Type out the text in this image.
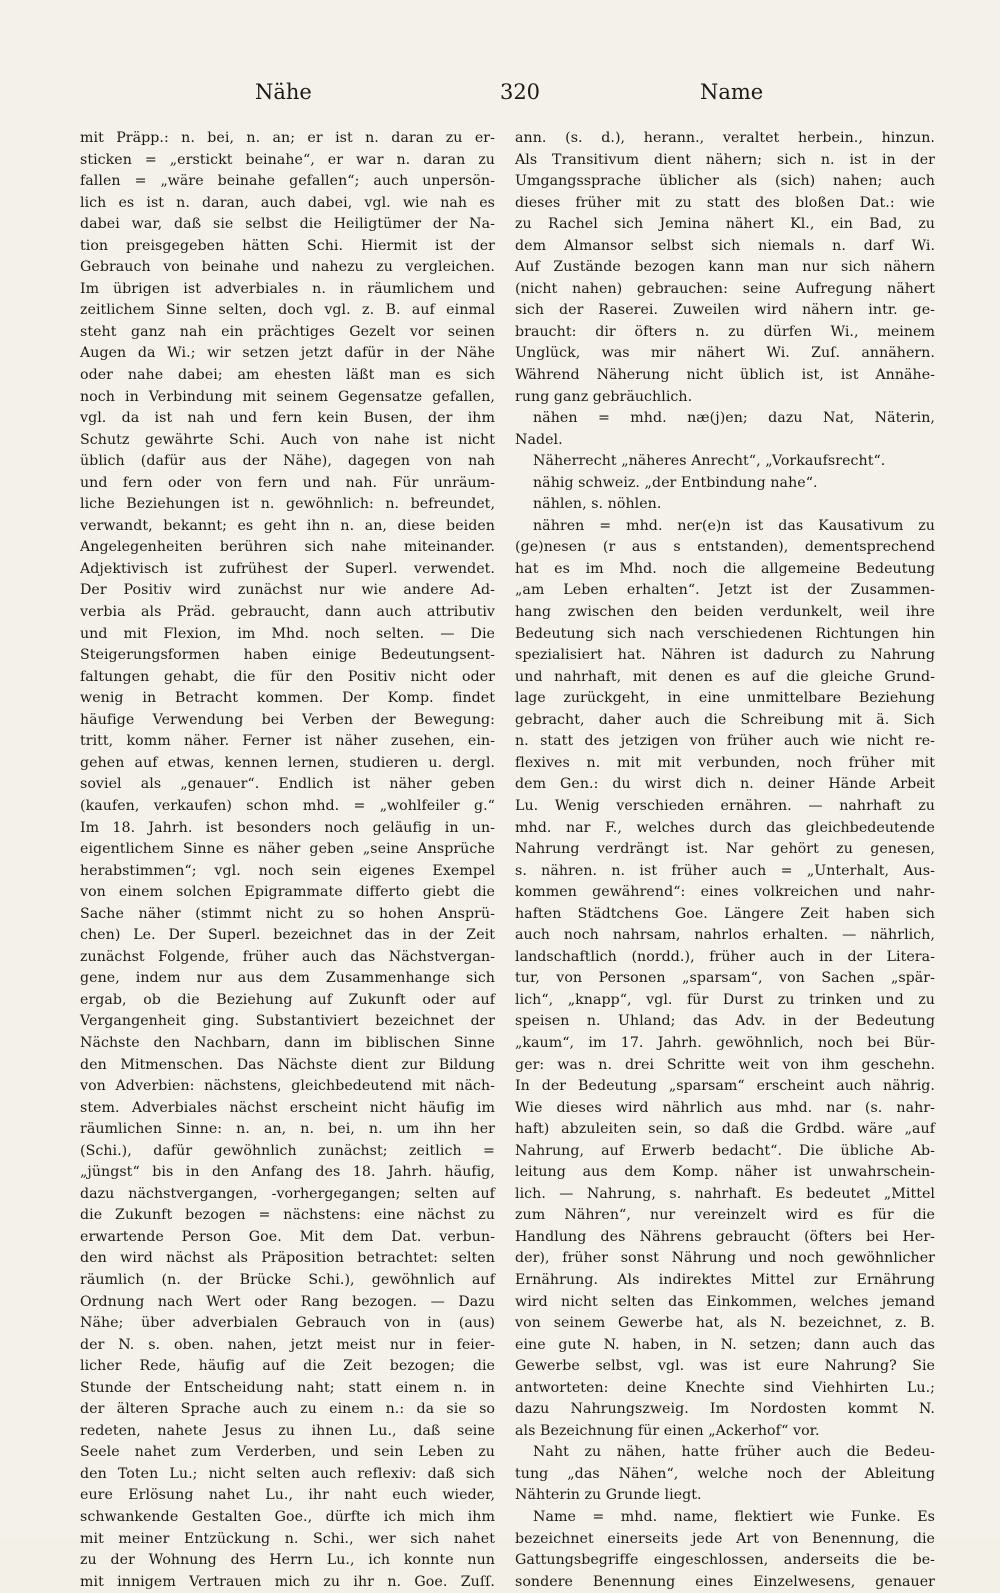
Nähe	320	Name
mit Präpp.: n. bei, n. an; er ist n. daran zu er-
sticken = „erstickt beinahe“, er war n. daran zu
fallen = „wäre beinahe gefallen“; auch unpersön-
lich es ist n. daran, auch dabei, vgl. wie nah es
dabei war, daß sie selbst die Heiligtümer der Na-
tion preisgegeben hätten Schi. Hiermit ist der
Gebrauch von beinahe und nahezu zu vergleichen.
Im übrigen ist adverbiales n. in räumlichem und
zeitlichem Sinne selten, doch vgl. z. B. auf einmal
steht ganz nah ein prächtiges Gezelt vor seinen
Augen da Wi.; wir setzen jetzt dafür in der Nähe
oder nahe dabei; am ehesten läßt man es sich
noch in Verbindung mit seinem Gegensatze gefallen,
vgl. da ist nah und fern kein Busen, der ihm
Schutz gewährte Schi. Auch von nahe ist nicht
üblich (dafür aus der Nähe), dagegen von nah
und fern oder von fern und nah. Für unräum-
liche Beziehungen ist n. gewöhnlich: n. befreundet,
verwandt, bekannt; es geht ihn n. an, diese beiden
Angelegenheiten berühren sich nahe miteinander.
Adjektivisch ist zufrühest der Superl. verwendet.
Der Positiv wird zunächst nur wie andere Ad-
verbia als Präd. gebraucht, dann auch attributiv
und mit Flexion, im Mhd. noch selten. — Die
Steigerungsformen haben einige Bedeutungsent-
faltungen gehabt, die für den Positiv nicht oder
wenig in Betracht kommen. Der Komp. findet
häufige Verwendung bei Verben der Bewegung:
tritt, komm näher. Ferner ist näher zusehen, ein-
gehen auf etwas, kennen lernen, studieren u. dergl.
soviel als „genauer“. Endlich ist näher geben
(kaufen, verkaufen) schon mhd. = „wohlfeiler g.“
Im 18. Jahrh. ist besonders noch geläufig in un-
eigentlichem Sinne es näher geben „seine Ansprüche
herabstimmen“; vgl. noch sein eigenes Exempel
von einem solchen Epigrammate differto giebt die
Sache näher (stimmt nicht zu so hohen Ansprü-
chen) Le. Der Superl. bezeichnet das in der Zeit
zunächst Folgende, früher auch das Nächstvergan-
gene, indem nur aus dem Zusammenhange sich
ergab, ob die Beziehung auf Zukunft oder auf
Vergangenheit ging. Substantiviert bezeichnet der
Nächste den Nachbarn, dann im biblischen Sinne
den Mitmenschen. Das Nächste dient zur Bildung
von Adverbien: nächstens, gleichbedeutend mit näch-
stem. Adverbiales nächst erscheint nicht häufig im
räumlichen Sinne: n. an, n. bei, n. um ihn her
(Schi.), dafür gewöhnlich zunächst; zeitlich =
„jüngst“ bis in den Anfang des 18. Jahrh. häufig,
dazu nächstvergangen, -vorhergegangen; selten auf
die Zukunft bezogen = nächstens: eine nächst zu
erwartende Person Goe. Mit dem Dat. verbun-
den wird nächst als Präposition betrachtet: selten
räumlich (n. der Brücke Schi.), gewöhnlich auf
Ordnung nach Wert oder Rang bezogen. — Dazu
Nähe; über adverbialen Gebrauch von in (aus)
der N. s. oben. nahen, jetzt meist nur in feier-
licher Rede, häufig auf die Zeit bezogen; die
Stunde der Entscheidung naht; statt einem n. in
der älteren Sprache auch zu einem n.: da sie so
redeten, nahete Jesus zu ihnen Lu., daß seine
Seele nahet zum Verderben, und sein Leben zu
den Toten Lu.; nicht selten auch reflexiv: daß sich
eure Erlösung nahet Lu., ihr naht euch wieder,
schwankende Gestalten Goe., dürfte ich mich ihm
mit meiner Entzückung n. Schi., wer sich nahet
zu der Wohnung des Herrn Lu., ich konnte nun
mit innigem Vertrauen mich zu ihr n. Goe. Zuſſ.
ann. (s. d.), herann., veraltet herbein., hinzun.
Als Transitivum dient nähern; sich n. ist in der
Umgangssprache üblicher als (sich) nahen; auch
dieses früher mit zu statt des bloßen Dat.: wie
zu Rachel sich Jemina nähert Kl., ein Bad, zu
dem Almansor selbst sich niemals n. darf Wi.
Auf Zustände bezogen kann man nur sich nähern
(nicht nahen) gebrauchen: seine Aufregung nähert
sich der Raserei. Zuweilen wird nähern intr. ge-
braucht: dir öfters n. zu dürfen Wi., meinem
Unglück, was mir nähert Wi. Zuſ. annähern.
Während Näherung nicht üblich ist, ist Annähe-
rung ganz gebräuchlich.
nähen = mhd. næ(j)en; dazu Nat, Näterin,
Nadel.
Näherrecht „näheres Anrecht“, „Vorkaufsrecht“.
nähig schweiz. „der Entbindung nahe“.
nählen, s. nöhlen.
nähren = mhd. ner(e)n ist das Kausativum zu
(ge)nesen (r aus s entstanden), dementsprechend
hat es im Mhd. noch die allgemeine Bedeutung
„am Leben erhalten“. Jetzt ist der Zusammen-
hang zwischen den beiden verdunkelt, weil ihre
Bedeutung sich nach verschiedenen Richtungen hin
spezialisiert hat. Nähren ist dadurch zu Nahrung
und nahrhaft, mit denen es auf die gleiche Grund-
lage zurückgeht, in eine unmittelbare Beziehung
gebracht, daher auch die Schreibung mit ä. Sich
n. statt des jetzigen von früher auch wie nicht re-
flexives n. mit mit verbunden, noch früher mit
dem Gen.: du wirst dich n. deiner Hände Arbeit
Lu. Wenig verschieden ernähren. — nahrhaft zu
mhd. nar F., welches durch das gleichbedeutende
Nahrung verdrängt ist. Nar gehört zu genesen,
s. nähren. n. ist früher auch = „Unterhalt, Aus-
kommen gewährend“: eines volkreichen und nahr-
haften Städtchens Goe. Längere Zeit haben sich
auch noch nahrsam, nahrlos erhalten. — nährlich,
landschaftlich (nordd.), früher auch in der Litera-
tur, von Personen „sparsam“, von Sachen „spär-
lich“, „knapp“, vgl. für Durst zu trinken und zu
speisen n. Uhland; das Adv. in der Bedeutung
„kaum“, im 17. Jahrh. gewöhnlich, noch bei Bür-
ger: was n. drei Schritte weit von ihm geschehn.
In der Bedeutung „sparsam“ erscheint auch nährig.
Wie dieses wird nährlich aus mhd. nar (s. nahr-
haft) abzuleiten sein, so daß die Grdbd. wäre „auf
Nahrung, auf Erwerb bedacht“. Die übliche Ab-
leitung aus dem Komp. näher ist unwahrschein-
lich. — Nahrung, s. nahrhaft. Es bedeutet „Mittel
zum Nähren“, nur vereinzelt wird es für die
Handlung des Nährens gebraucht (öfters bei Her-
der), früher sonst Nährung und noch gewöhnlicher
Ernährung. Als indirektes Mittel zur Ernährung
wird nicht selten das Einkommen, welches jemand
von seinem Gewerbe hat, als N. bezeichnet, z. B.
eine gute N. haben, in N. setzen; dann auch das
Gewerbe selbst, vgl. was ist eure Nahrung? Sie
antworteten: deine Knechte sind Viehhirten Lu.;
dazu Nahrungszweig. Im Nordosten kommt N.
als Bezeichnung für einen „Ackerhof“ vor.
Naht zu nähen, hatte früher auch die Bedeu-
tung „das Nähen“, welche noch der Ableitung
Nähterin zu Grunde liegt.
Name = mhd. name, flektiert wie Funke. Es
bezeichnet einerseits jede Art von Benennung, die
Gattungsbegriffe eingeschlossen, anderseits die be-
sondere Benennung eines Einzelwesens, genauer
